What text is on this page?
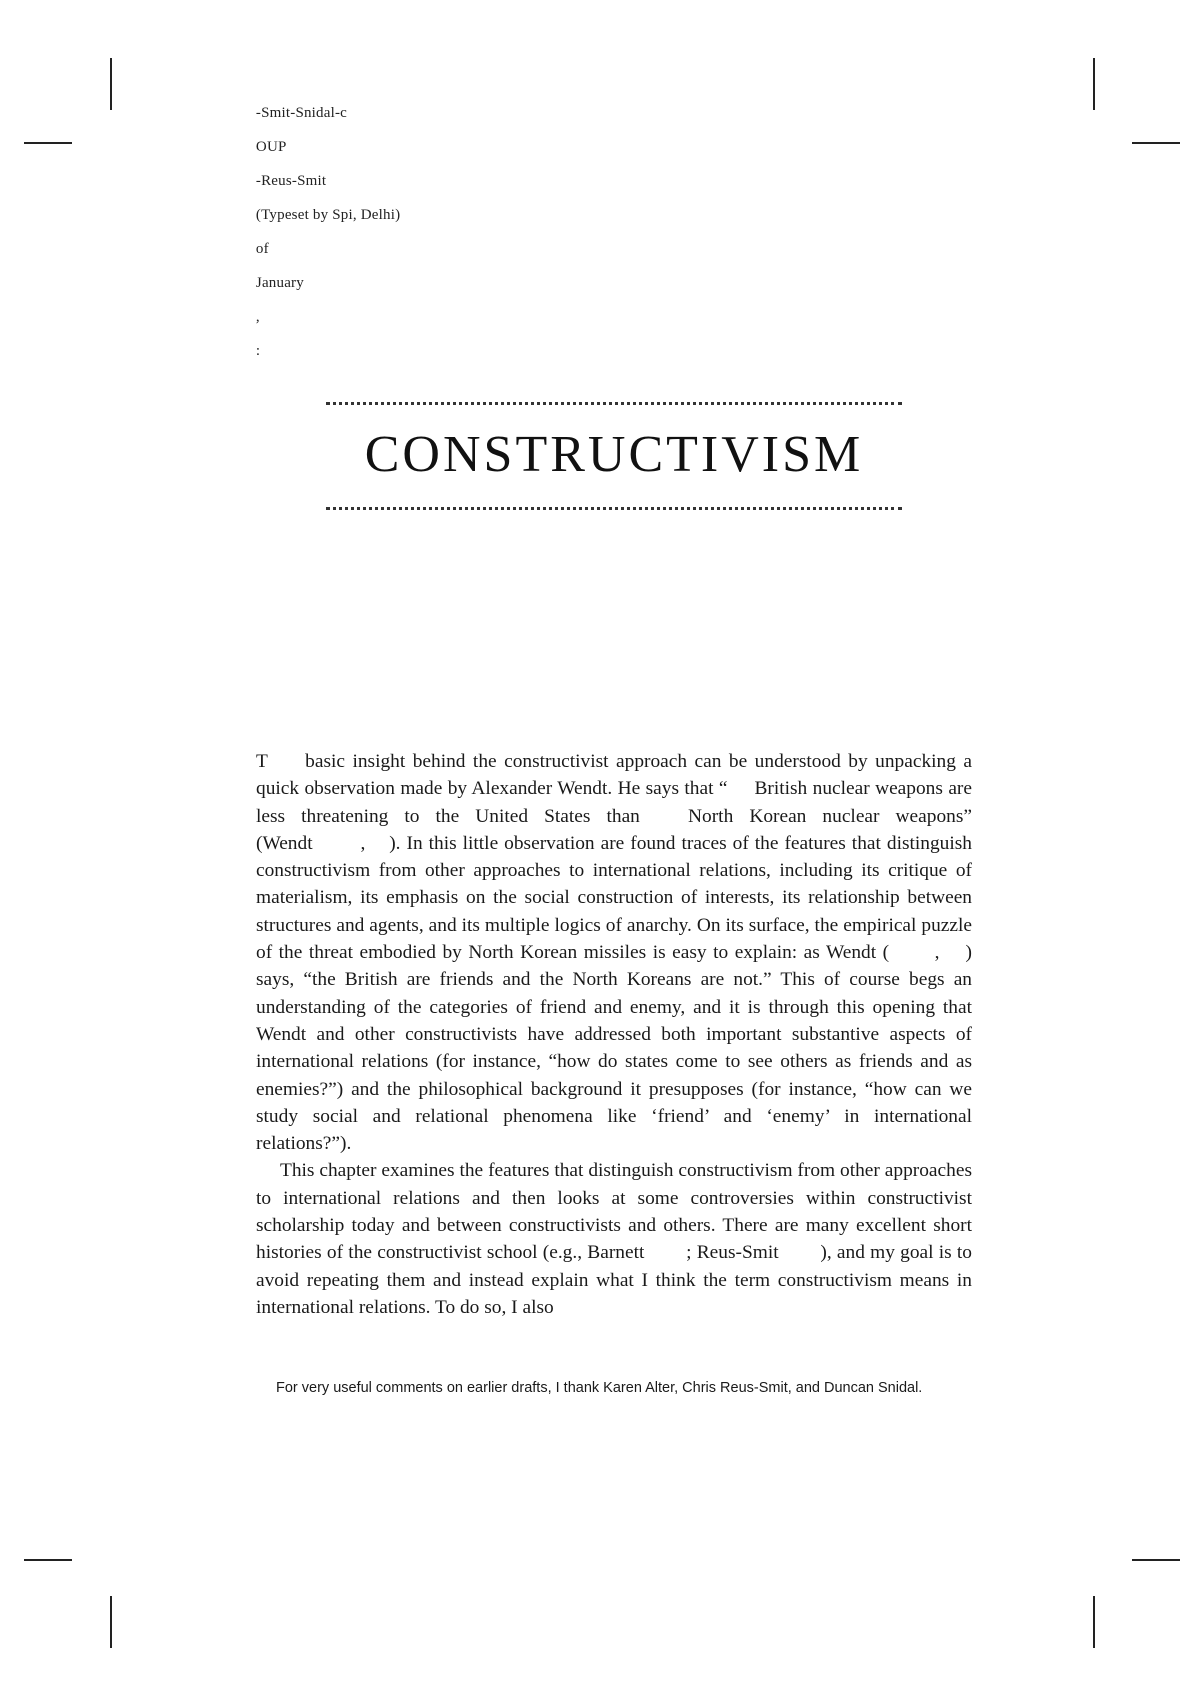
-Smit-Snidal-c

OUP

-Reus-Smit

(Typeset by Spi, Delhi)

of

January

,

:

CONSTRUCTIVISM

T     basic insight behind the constructivist approach can be understood by unpacking a quick observation made by Alexander Wendt. He says that “     British nuclear weapons are less threatening to the United States than   North Korean nuclear weapons” (Wendt        ,    ). In this little observation are found traces of the features that distinguish constructivism from other approaches to international relations, including its critique of materialism, its emphasis on the social construction of interests, its relationship between structures and agents, and its multiple logics of anarchy. On its surface, the empirical puzzle of the threat embodied by North Korean missiles is easy to explain: as Wendt (       ,    ) says, “the British are friends and the North Koreans are not.” This of course begs an understanding of the categories of friend and enemy, and it is through this opening that Wendt and other constructivists have addressed both important substantive aspects of international relations (for instance, “how do states come to see others as friends and as enemies?”) and the philosophical background it presupposes (for instance, “how can we study social and relational phenomena like ‘friend’ and ‘enemy’ in international relations?”).

This chapter examines the features that distinguish constructivism from other approaches to international relations and then looks at some controversies within constructivist scholarship today and between constructivists and others. There are many excellent short histories of the constructivist school (e.g., Barnett        ; Reus-Smit        ), and my goal is to avoid repeating them and instead explain what I think the term constructivism means in international relations. To do so, I also

For very useful comments on earlier drafts, I thank Karen Alter, Chris Reus-Smit, and Duncan Snidal.
